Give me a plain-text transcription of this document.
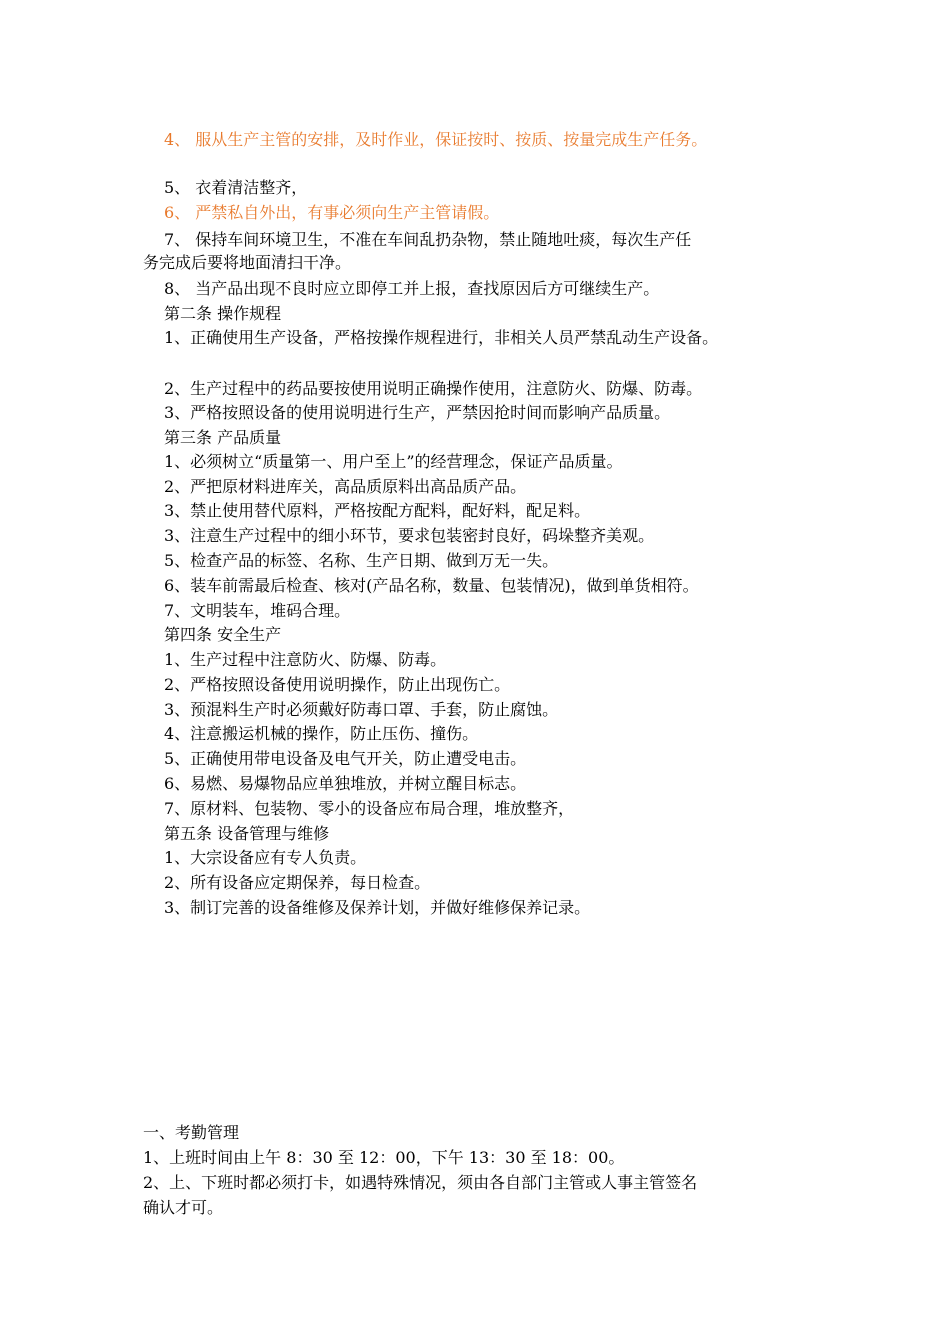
4、 服从生产主管的安排，及时作业，保证按时、按质、按量完成生产任务。
5、 衣着清洁整齐，
6、 严禁私自外出，有事必须向生产主管请假。
7、 保持车间环境卫生，不准在车间乱扔杂物，禁止随地吐痰，每次生产任
务完成后要将地面清扫干净。
8、 当产品出现不良时应立即停工并上报，查找原因后方可继续生产。
第二条 操作规程
1、正确使用生产设备，严格按操作规程进行，非相关人员严禁乱动生产设备。
2、生产过程中的药品要按使用说明正确操作使用，注意防火、防爆、防毒。
3、严格按照设备的使用说明进行生产，严禁因抢时间而影响产品质量。
第三条 产品质量
1、必须树立“质量第一、用户至上”的经营理念，保证产品质量。
2、严把原材料进库关，高品质原料出高品质产品。
3、禁止使用替代原料，严格按配方配料，配好料，配足料。
3、注意生产过程中的细小环节，要求包装密封良好，码垛整齐美观。
5、检查产品的标签、名称、生产日期、做到万无一失。
6、装车前需最后检查、核对(产品名称，数量、包装情况)，做到单货相符。
7、文明装车，堆码合理。
第四条 安全生产
1、生产过程中注意防火、防爆、防毒。
2、严格按照设备使用说明操作，防止出现伤亡。
3、预混料生产时必须戴好防毒口罩、手套，防止腐蚀。
4、注意搬运机械的操作，防止压伤、撞伤。
5、正确使用带电设备及电气开关，防止遭受电击。
6、易燃、易爆物品应单独堆放，并树立醒目标志。
7、原材料、包装物、零小的设备应布局合理，堆放整齐，
第五条 设备管理与维修
1、大宗设备应有专人负责。
2、所有设备应定期保养，每日检查。
3、制订完善的设备维修及保养计划，并做好维修保养记录。
一、考勤管理
1、上班时间由上午 8：30 至 12：00，下午 13：30 至 18：00。
2、上、下班时都必须打卡，如遇特殊情况，须由各自部门主管或人事主管签名
确认才可。
